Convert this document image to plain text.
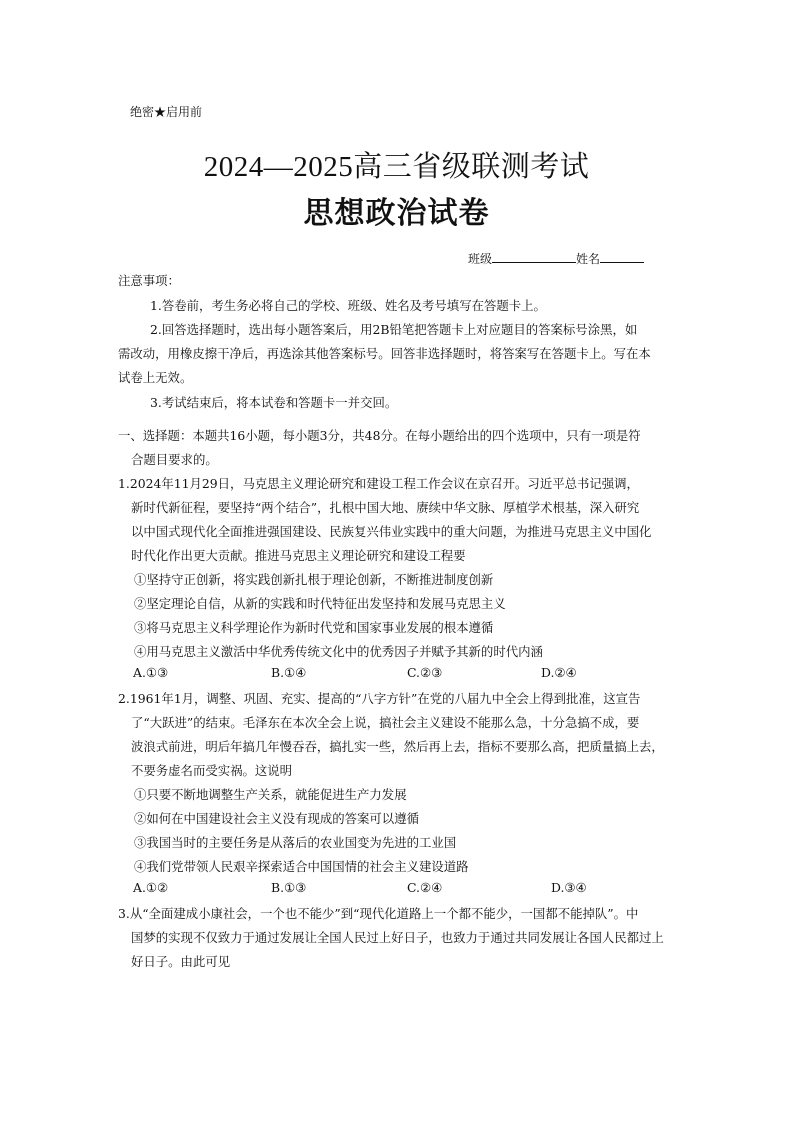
绝密★启用前
2024—2025高三省级联测考试
思想政治试卷
班级	姓名
注意事项：
1.答卷前，考生务必将自己的学校、班级、姓名及考号填写在答题卡上。
2.回答选择题时，选出每小题答案后，用2B铅笔把答题卡上对应题目的答案标号涂黑，如
需改动，用橡皮擦干净后，再选涂其他答案标号。回答非选择题时，将答案写在答题卡上。写在本
试卷上无效。
3.考试结束后，将本试卷和答题卡一并交回。
一、选择题：本题共16小题，每小题3分，共48分。在每小题给出的四个选项中，只有一项是符
合题目要求的。
1.2024年11月29日，马克思主义理论研究和建设工程工作会议在京召开。习近平总书记强调，
新时代新征程，要坚持“两个结合”，扎根中国大地、赓续中华文脉、厚植学术根基，深入研究
以中国式现代化全面推进强国建设、民族复兴伟业实践中的重大问题，为推进马克思主义中国化
时代化作出更大贡献。推进马克思主义理论研究和建设工程要
①坚持守正创新，将实践创新扎根于理论创新，不断推进制度创新
②坚定理论自信，从新的实践和时代特征出发坚持和发展马克思主义
③将马克思主义科学理论作为新时代党和国家事业发展的根本遵循
④用马克思主义激活中华优秀传统文化中的优秀因子并赋予其新的时代内涵
A.①③	B.①④	C.②③	D.②④
2.1961年1月，调整、巩固、充实、提高的“八字方针”在党的八届九中全会上得到批准，这宣告
了“大跃进”的结束。毛泽东在本次全会上说，搞社会主义建设不能那么急，十分急搞不成，要
波浪式前进，明后年搞几年慢吞吞，搞扎实一些，然后再上去，指标不要那么高，把质量搞上去，
不要务虚名而受实祸。这说明
①只要不断地调整生产关系，就能促进生产力发展
②如何在中国建设社会主义没有现成的答案可以遵循
③我国当时的主要任务是从落后的农业国变为先进的工业国
④我们党带领人民艰辛探索适合中国国情的社会主义建设道路
A.①②	B.①③	C.②④	D.③④
3.从“全面建成小康社会，一个也不能少”到“现代化道路上一个都不能少，一国都不能掉队”。中
国梦的实现不仅致力于通过发展让全国人民过上好日子，也致力于通过共同发展让各国人民都过上
好日子。由此可见
